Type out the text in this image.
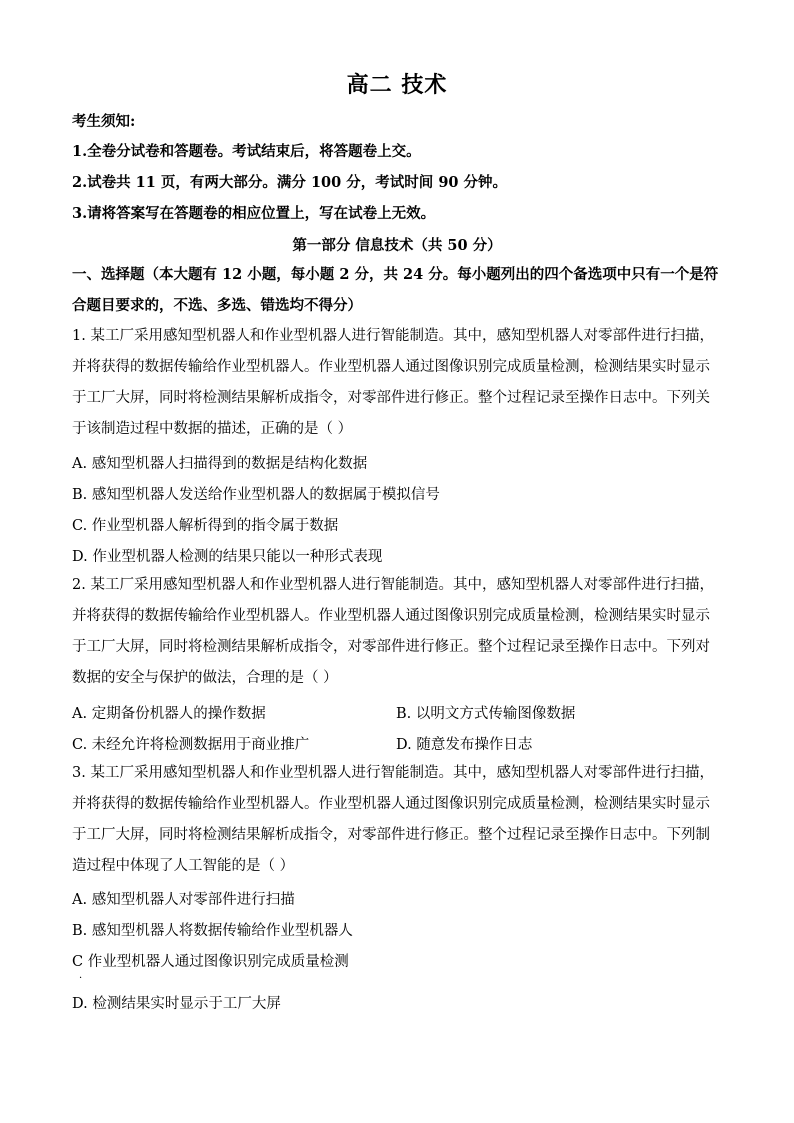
高二 技术
考生须知:
1.全卷分试卷和答题卷。考试结束后，将答题卷上交。
2.试卷共 11 页，有两大部分。满分 100 分，考试时间 90 分钟。
3.请将答案写在答题卷的相应位置上，写在试卷上无效。
第一部分 信息技术（共 50 分）
一、选择题（本大题有 12 小题，每小题 2 分，共 24 分。每小题列出的四个备选项中只有一个是符合题目要求的，不选、多选、错选均不得分）
1. 某工厂采用感知型机器人和作业型机器人进行智能制造。其中，感知型机器人对零部件进行扫描，并将获得的数据传输给作业型机器人。作业型机器人通过图像识别完成质量检测，检测结果实时显示于工厂大屏，同时将检测结果解析成指令，对零部件进行修正。整个过程记录至操作日志中。下列关于该制造过程中数据的描述，正确的是（ ）
A. 感知型机器人扫描得到的数据是结构化数据
B. 感知型机器人发送给作业型机器人的数据属于模拟信号
C. 作业型机器人解析得到的指令属于数据
D. 作业型机器人检测的结果只能以一种形式表现
2. 某工厂采用感知型机器人和作业型机器人进行智能制造。其中，感知型机器人对零部件进行扫描，并将获得的数据传输给作业型机器人。作业型机器人通过图像识别完成质量检测，检测结果实时显示于工厂大屏，同时将检测结果解析成指令，对零部件进行修正。整个过程记录至操作日志中。下列对数据的安全与保护的做法，合理的是（ ）
A. 定期备份机器人的操作数据	B. 以明文方式传输图像数据
C. 未经允许将检测数据用于商业推广	D. 随意发布操作日志
3. 某工厂采用感知型机器人和作业型机器人进行智能制造。其中，感知型机器人对零部件进行扫描，并将获得的数据传输给作业型机器人。作业型机器人通过图像识别完成质量检测，检测结果实时显示于工厂大屏，同时将检测结果解析成指令，对零部件进行修正。整个过程记录至操作日志中。下列制造过程中体现了人工智能的是（ ）
A. 感知型机器人对零部件进行扫描
B. 感知型机器人将数据传输给作业型机器人
C 作业型机器人通过图像识别完成质量检测
·
D. 检测结果实时显示于工厂大屏
